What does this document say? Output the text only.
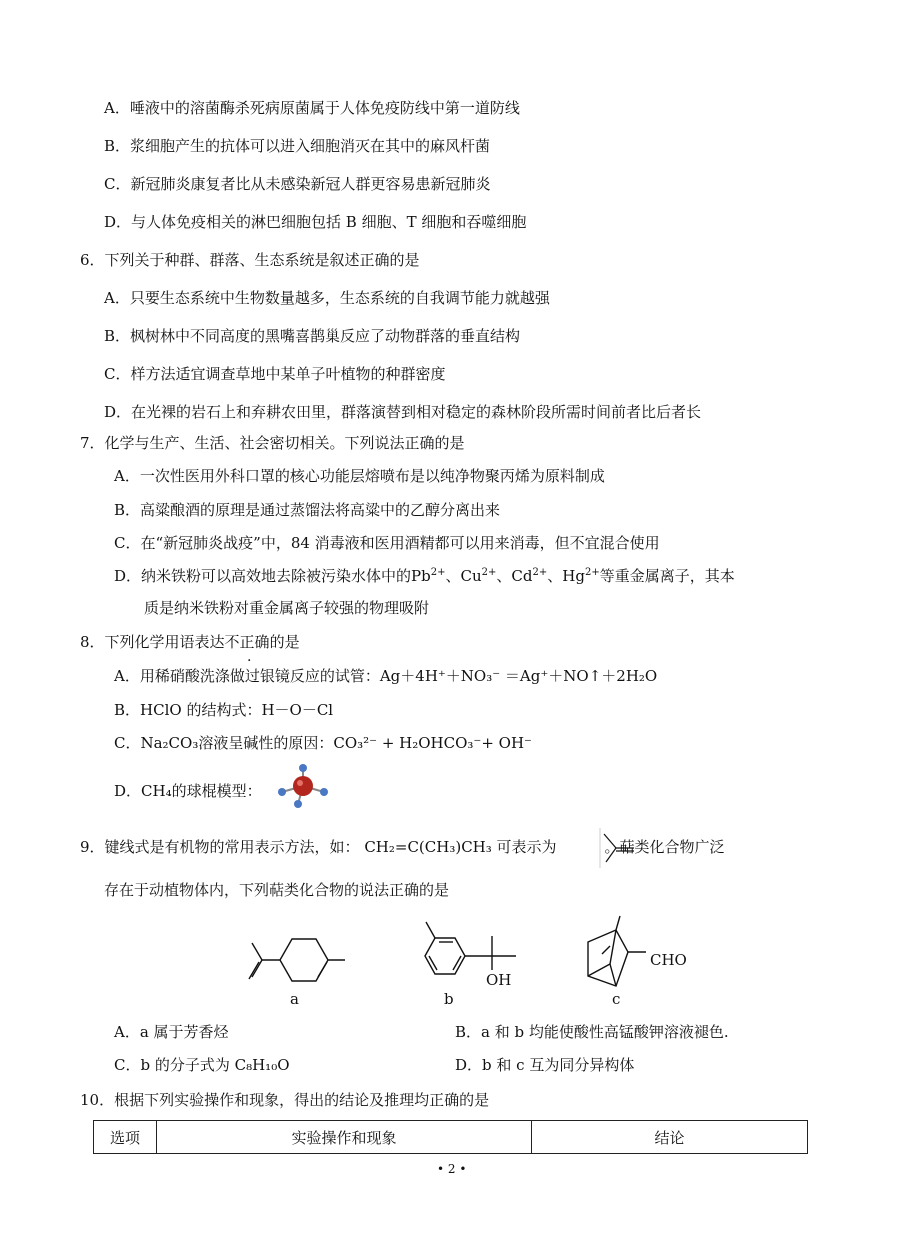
A．唾液中的溶菌酶杀死病原菌属于人体免疫防线中第一道防线
B．浆细胞产生的抗体可以进入细胞消灭在其中的麻风杆菌
C．新冠肺炎康复者比从未感染新冠人群更容易患新冠肺炎
D．与人体免疫相关的淋巴细胞包括 B 细胞、T 细胞和吞噬细胞
6．下列关于种群、群落、生态系统是叙述正确的是
A．只要生态系统中生物数量越多，生态系统的自我调节能力就越强
B．枫树林中不同高度的黑嘴喜鹊巢反应了动物群落的垂直结构
C．样方法适宜调查草地中某单子叶植物的种群密度
D．在光裸的岩石上和弃耕农田里，群落演替到相对稳定的森林阶段所需时间前者比后者长
7．化学与生产、生活、社会密切相关。下列说法正确的是
A．一次性医用外科口罩的核心功能层熔喷布是以纯净物聚丙烯为原料制成
B．高粱酿酒的原理是通过蒸馏法将高粱中的乙醇分离出来
C．在“新冠肺炎战疫”中，84 消毒液和医用酒精都可以用来消毒，但不宜混合使用
D．纳米铁粉可以高效地去除被污染水体中的$Pb^{2+}$、$Cu^{2+}$、$Cd^{2+}$、$Hg^{2+}$等重金属离子，其本
质是纳米铁粉对重金属离子较强的物理吸附
8．下列化学用语表达不正确的是
A．用稀硝酸洗涤做过银镜反应的试管：Ag＋4H⁺＋NO₃⁻ ＝Ag⁺＋NO↑＋2H₂O
B．HClO 的结构式：H－O－Cl
C．Na₂CO₃溶液呈碱性的原因：CO₃²⁻ + H₂OHCO₃⁻+ OH⁻
D．CH₄的球棍模型：
9．键线式是有机物的常用表示方法，如： CH₂=C(CH₃)CH₃ 可表示为	。萜类化合物广泛
存在于动植物体内，下列萜类化合物的说法正确的是
a
OH
b
CHO
c
A．a 属于芳香烃	B．a 和 b 均能使酸性高锰酸钾溶液褪色.
C．b 的分子式为 C₈H₁₀O	D．b 和 c 互为同分异构体
10．根据下列实验操作和现象，得出的结论及推理均正确的是
选项	实验操作和现象	结论
• 2 •
